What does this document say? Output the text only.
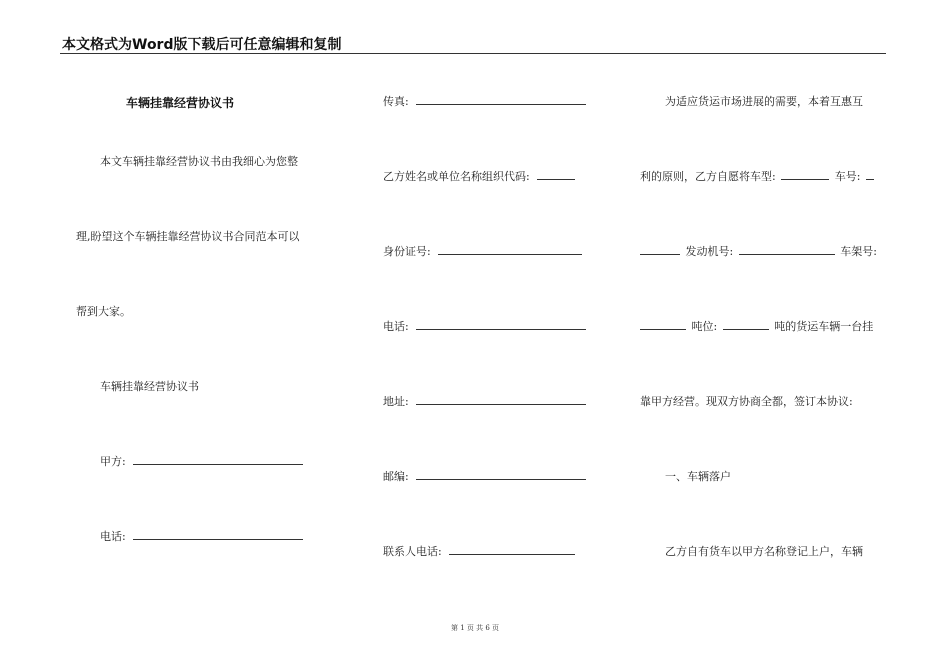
本文格式为Word版下载后可任意编辑和复制
车辆挂靠经营协议书
本文车辆挂靠经营协议书由我细心为您整
理,盼望这个车辆挂靠经营协议书合同范本可以
帮到大家。
车辆挂靠经营协议书
甲方:
电话:
传真:
乙方姓名或单位名称组织代码:
身份证号:
电话:
地址:
邮编:
联系人电话:
为适应货运市场进展的需要，本着互惠互
利的原则，乙方自愿将车型:	车号:
发动机号:	车架号:
吨位:	吨的货运车辆一台挂
靠甲方经营。现双方协商全都，签订本协议:
一、车辆落户
乙方自有货车以甲方名称登记上户，车辆
第 1 页 共 6 页
